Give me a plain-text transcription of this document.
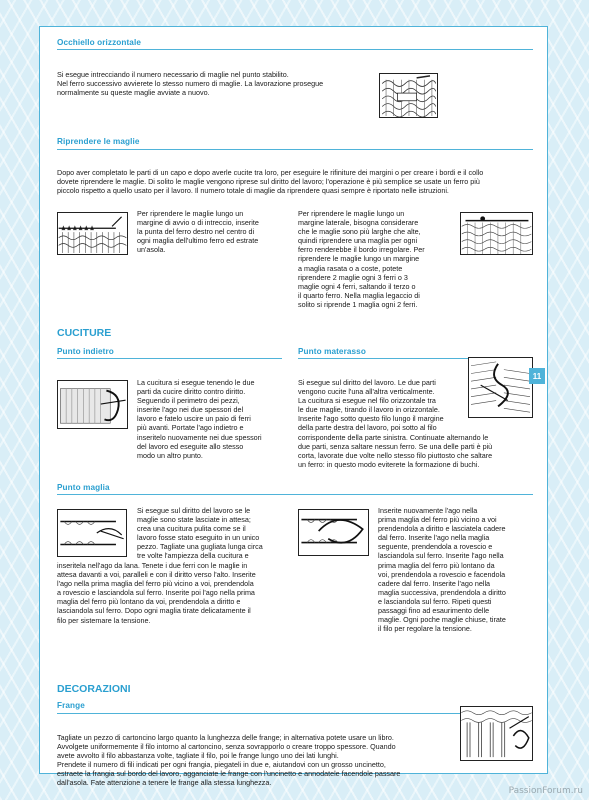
Occhiello orizzontale
Si esegue intrecciando il numero necessario di maglie nel punto stabilito.
Nel ferro successivo avvierete lo stesso numero di maglie. La lavorazione prosegue
normalmente su queste maglie avviate a nuovo.
Riprendere le maglie
Dopo aver completato le parti di un capo e dopo averle cucite tra loro, per eseguire le rifiniture dei margini o per creare i bordi e il collo
dovete riprendere le maglie. Di solito le maglie vengono riprese sul diritto del lavoro; l'operazione è più semplice se usate un ferro più
piccolo rispetto a quello usato per il lavoro. Il numero totale di maglie da riprendere quasi sempre è riportato nelle istruzioni.
Per riprendere le maglie lungo un
margine di avvio o di intreccio, inserite
la punta del ferro destro nel centro di
ogni maglia dell'ultimo ferro ed estrate
un'asola.
Per riprendere le maglie lungo un
margine laterale, bisogna considerare
che le maglie sono più larghe che alte,
quindi riprendere una maglia per ogni
ferro renderebbe il bordo irregolare. Per
riprendere le maglie lungo un margine
a maglia rasata o a coste, potete
riprendere 2 maglie ogni 3 ferri o 3
maglie ogni 4 ferri, saltando il terzo o
il quarto ferro. Nella maglia legaccio di
solito si riprende 1 maglia ogni 2 ferri.
CUCITURE
Punto indietro	Punto materasso
La cucitura si esegue tenendo le due
parti da cucire diritto contro diritto.
Seguendo il perimetro dei pezzi,
inserite l'ago nei due spessori del
lavoro e fatelo uscire un paio di ferri
più avanti. Portate l'ago indietro e
inseritelo nuovamente nei due spessori
del lavoro ed eseguite allo stesso
modo un altro punto.
Si esegue sul diritto del lavoro. Le due parti
vengono cucite l'una all'altra verticalmente.
La cucitura si esegue nel filo orizzontale tra
le due maglie, tirando il lavoro in orizzontale.
Inserite l'ago sotto questo filo lungo il margine
della parte destra del lavoro, poi sotto al filo
corrispondente della parte sinistra. Continuate alternando le
due parti, senza saltare nessun ferro. Se una delle parti è più
corta, lavorate due volte nello stesso filo piuttosto che saltare
un ferro: in questo modo eviterete la formazione di buchi.
Punto maglia
Si esegue sul diritto del lavoro se le
maglie sono state lasciate in attesa;
crea una cucitura pulita come se il
lavoro fosse stato eseguito in un unico
pezzo. Tagliate una gugliata lunga circa
tre volte l'ampiezza della cucitura e
inseritela nell'ago da lana. Tenete i due ferri con le maglie in
attesa davanti a voi, paralleli e con il diritto verso l'alto. Inserite
l'ago nella prima maglia del ferro più vicino a voi, prendendola
a rovescio e lasciandola sul ferro. Inserite poi l'ago nella prima
maglia del ferro più lontano da voi, prendendola a diritto e
lasciandola sul ferro. Dopo ogni maglia tirate delicatamente il
filo per sistemare la tensione.
Inserite nuovamente l'ago nella
prima maglia del ferro più vicino a voi
prendendola a diritto e lasciatela cadere
dal ferro. Inserite l'ago nella maglia
seguente, prendendola a rovescio e
lasciandola sul ferro. Inserite l'ago nella
prima maglia del ferro più lontano da
voi, prendendola a rovescio e facendola
cadere dal ferro. Inserite l'ago nella
maglia successiva, prendendola a diritto
e lasciandola sul ferro. Ripeti questi
passaggi fino ad esaurimento delle
maglie. Ogni poche maglie chiuse, tirate
il filo per regolare la tensione.
DECORAZIONI
Frange
Tagliate un pezzo di cartoncino largo quanto la lunghezza delle frange; in alternativa potete usare un libro.
Avvolgete uniformemente il filo intorno al cartoncino, senza sovrapporlo o creare troppo spessore. Quando
avete avvolto il filo abbastanza volte, tagliate il filo, poi le frange lungo uno dei lati lunghi.
Prendete il numero di fili indicati per ogni frangia, piegateli in due e, aiutandovi con un grosso uncinetto,
estraete la frangia sul bordo del lavoro, agganciate le frange con l'uncinetto e annodatele facendole passare
dall'asola. Fate attenzione a tenere le frange alla stessa lunghezza.
11
PassionForum.ru
